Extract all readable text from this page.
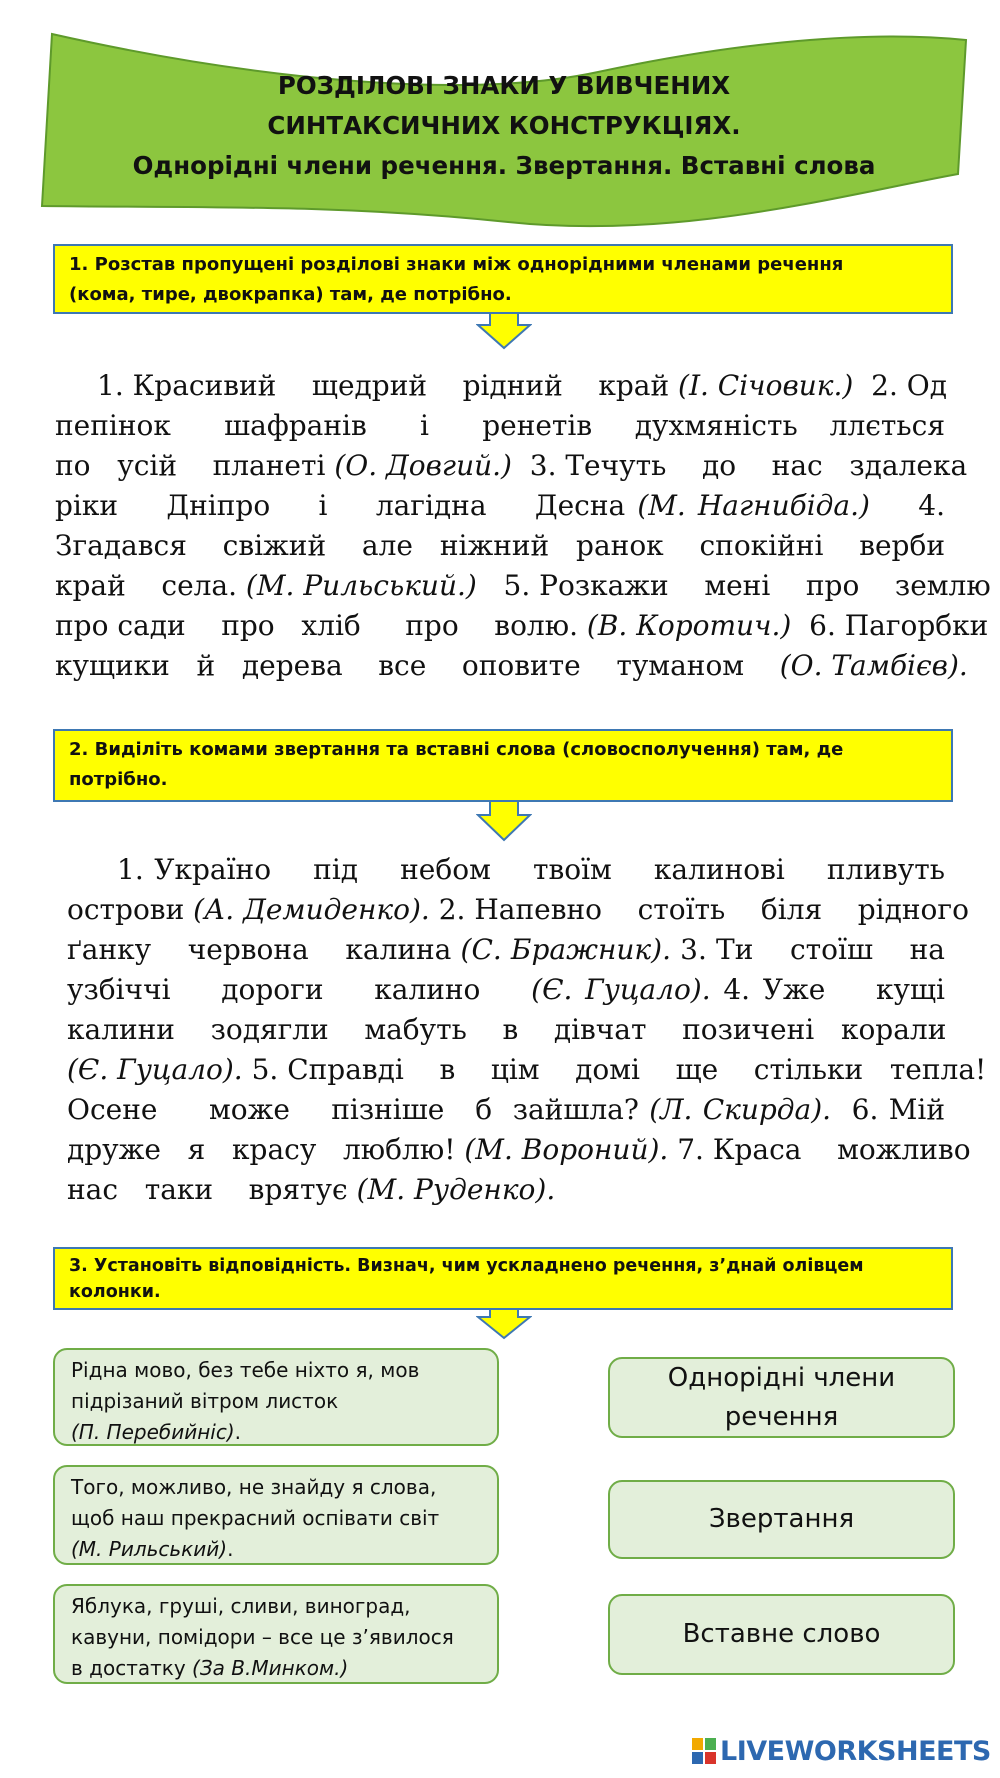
РОЗДІЛОВІ ЗНАКИ У ВИВЧЕНИХ
СИНТАКСИЧНИХ КОНСТРУКЦІЯХ.
Однорідні члени речення. Звертання. Вставні слова
1. Розстав пропущені розділові знаки між однорідними членами речення
(кома, тире, двокрапка) там, де потрібно.
1. Красивий    щедрий    рідний    край (І. Січовик.)  2. Од
пепінок     шафранів     і     ренетів    духмяність   ллється
по   усій    планеті (О. Довгий.)  3. Течуть    до    нас   здалека
ріки    Дніпро    і    лагідна    Десна (М. Нагнибіда.)    4.
Згадався    свіжий    але   ніжний   ранок    спокійні    верби
край    села. (М. Рильський.)   5. Розкажи    мені    про    землю
про сади    про   хліб     про    волю. (В. Коротич.)  6. Пагорбки
кущики   й   дерева    все    оповите    туманом    (О. Тамбієв).
2. Виділіть комами звертання та вставні слова (словосполучення) там, де
потрібно.
1. Україно    під    небом    твоїм    калинові    пливуть
острови (А. Демиденко). 2. Напевно    стоїть    біля    рідного
ґанку    червона    калина (С. Бражник). 3. Ти    стоїш    на
узбіччі    дороги    калино    (Є. Гуцало). 4. Уже    кущі
калини    зодягли    мабуть    в    дівчат    позичені   корали
(Є. Гуцало). 5. Справді    в    цім    домі    ще    стільки   тепла!
Осене     може    пізніше   б  зайшла? (Л. Скирда).  6. Мій
друже   я   красу   люблю! (М. Вороний). 7. Краса    можливо
нас   таки    врятує (М. Руденко).
3. Установіть відповідність. Визнач, чим ускладнено речення, з’днай олівцем
колонки.
Рідна мово, без тебе ніхто я, мов
підрізаний вітром листок
(П. Перебийніс).
Того, можливо, не знайду я слова,
щоб наш прекрасний оспівати світ
(М. Рильський).
Яблука, груші, сливи, виноград,
кавуни, помідори – все це з’явилося
в достатку (За В.Минком.)
Однорідні члени речення
Звертання
Вставне слово
LIVEWORKSHEETS
